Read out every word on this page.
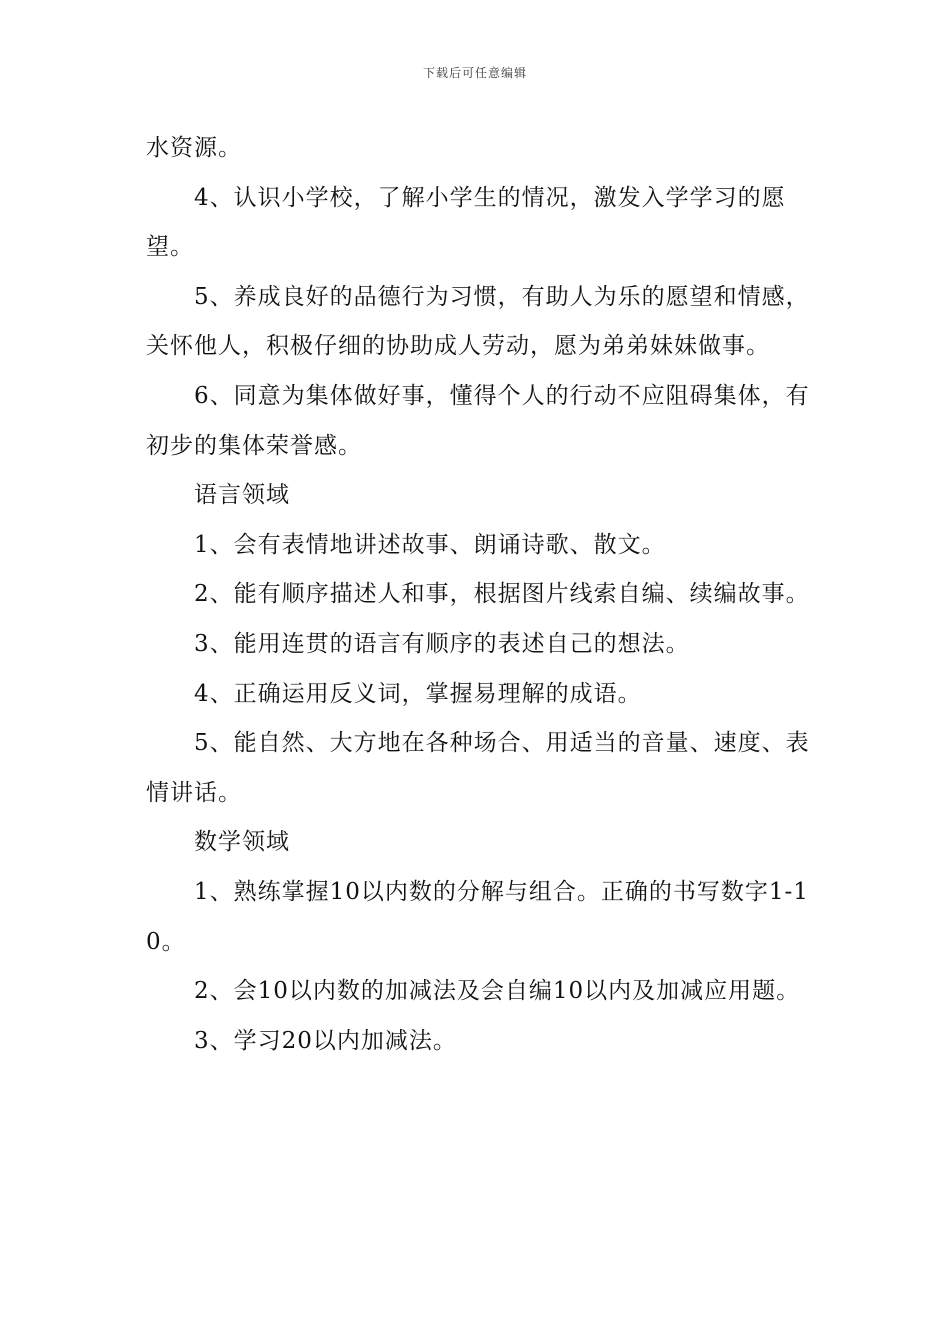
下载后可任意编辑

水资源。

4、认识小学校，了解小学生的情况，激发入学学习的愿望。

5、养成良好的品德行为习惯，有助人为乐的愿望和情感，关怀他人，积极仔细的协助成人劳动，愿为弟弟妹妹做事。

6、同意为集体做好事，懂得个人的行动不应阻碍集体，有初步的集体荣誉感。

语言领域

1、会有表情地讲述故事、朗诵诗歌、散文。

2、能有顺序描述人和事，根据图片线索自编、续编故事。

3、能用连贯的语言有顺序的表述自己的想法。

4、正确运用反义词，掌握易理解的成语。

5、能自然、大方地在各种场合、用适当的音量、速度、表情讲话。

数学领域

1、熟练掌握10以内数的分解与组合。正确的书写数字1-10。

2、会10以内数的加减法及会自编10以内及加减应用题。

3、学习20以内加减法。
